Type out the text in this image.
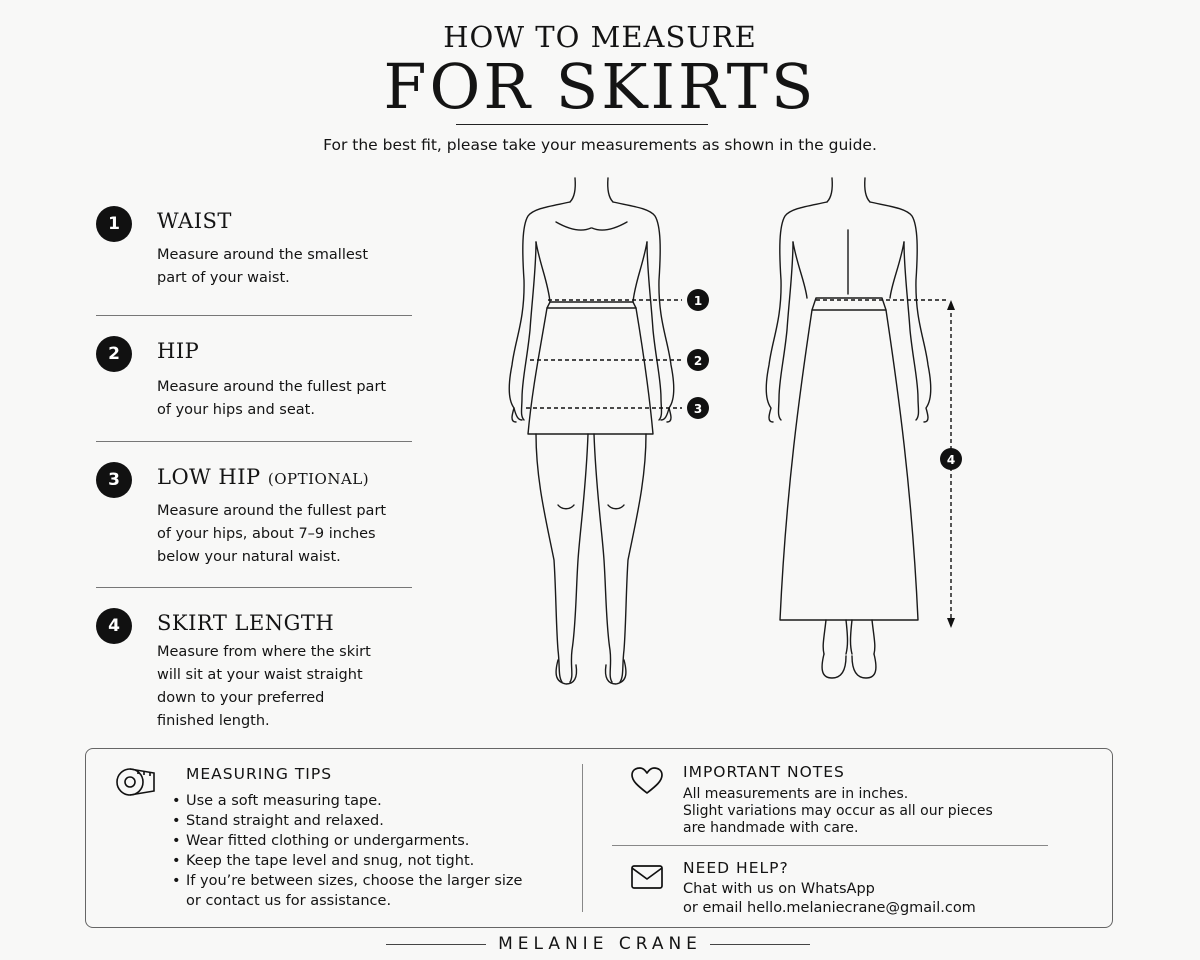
HOW TO MEASURE
FOR SKIRTS
For the best fit, please take your measurements as shown in the guide.
1	WAIST
Measure around the smallest
part of your waist.
2	HIP
Measure around the fullest part
of your hips and seat.
3	LOW HIP (OPTIONAL)
Measure around the fullest part
of your hips, about 7–9 inches
below your natural waist.
4	SKIRT LENGTH
Measure from where the skirt
will sit at your waist straight
down to your preferred
finished length.
1
2
3
4
MEASURING TIPS
Use a soft measuring tape.
Stand straight and relaxed.
Wear fitted clothing or undergarments.
Keep the tape level and snug, not tight.
If you’re between sizes, choose the larger size
or contact us for assistance.
•
•
•
•
•
IMPORTANT NOTES
All measurements are in inches.
Slight variations may occur as all our pieces
are handmade with care.
NEED HELP?
Chat with us on WhatsApp
or email hello.melaniecrane@gmail.com
MELANIE CRANE
